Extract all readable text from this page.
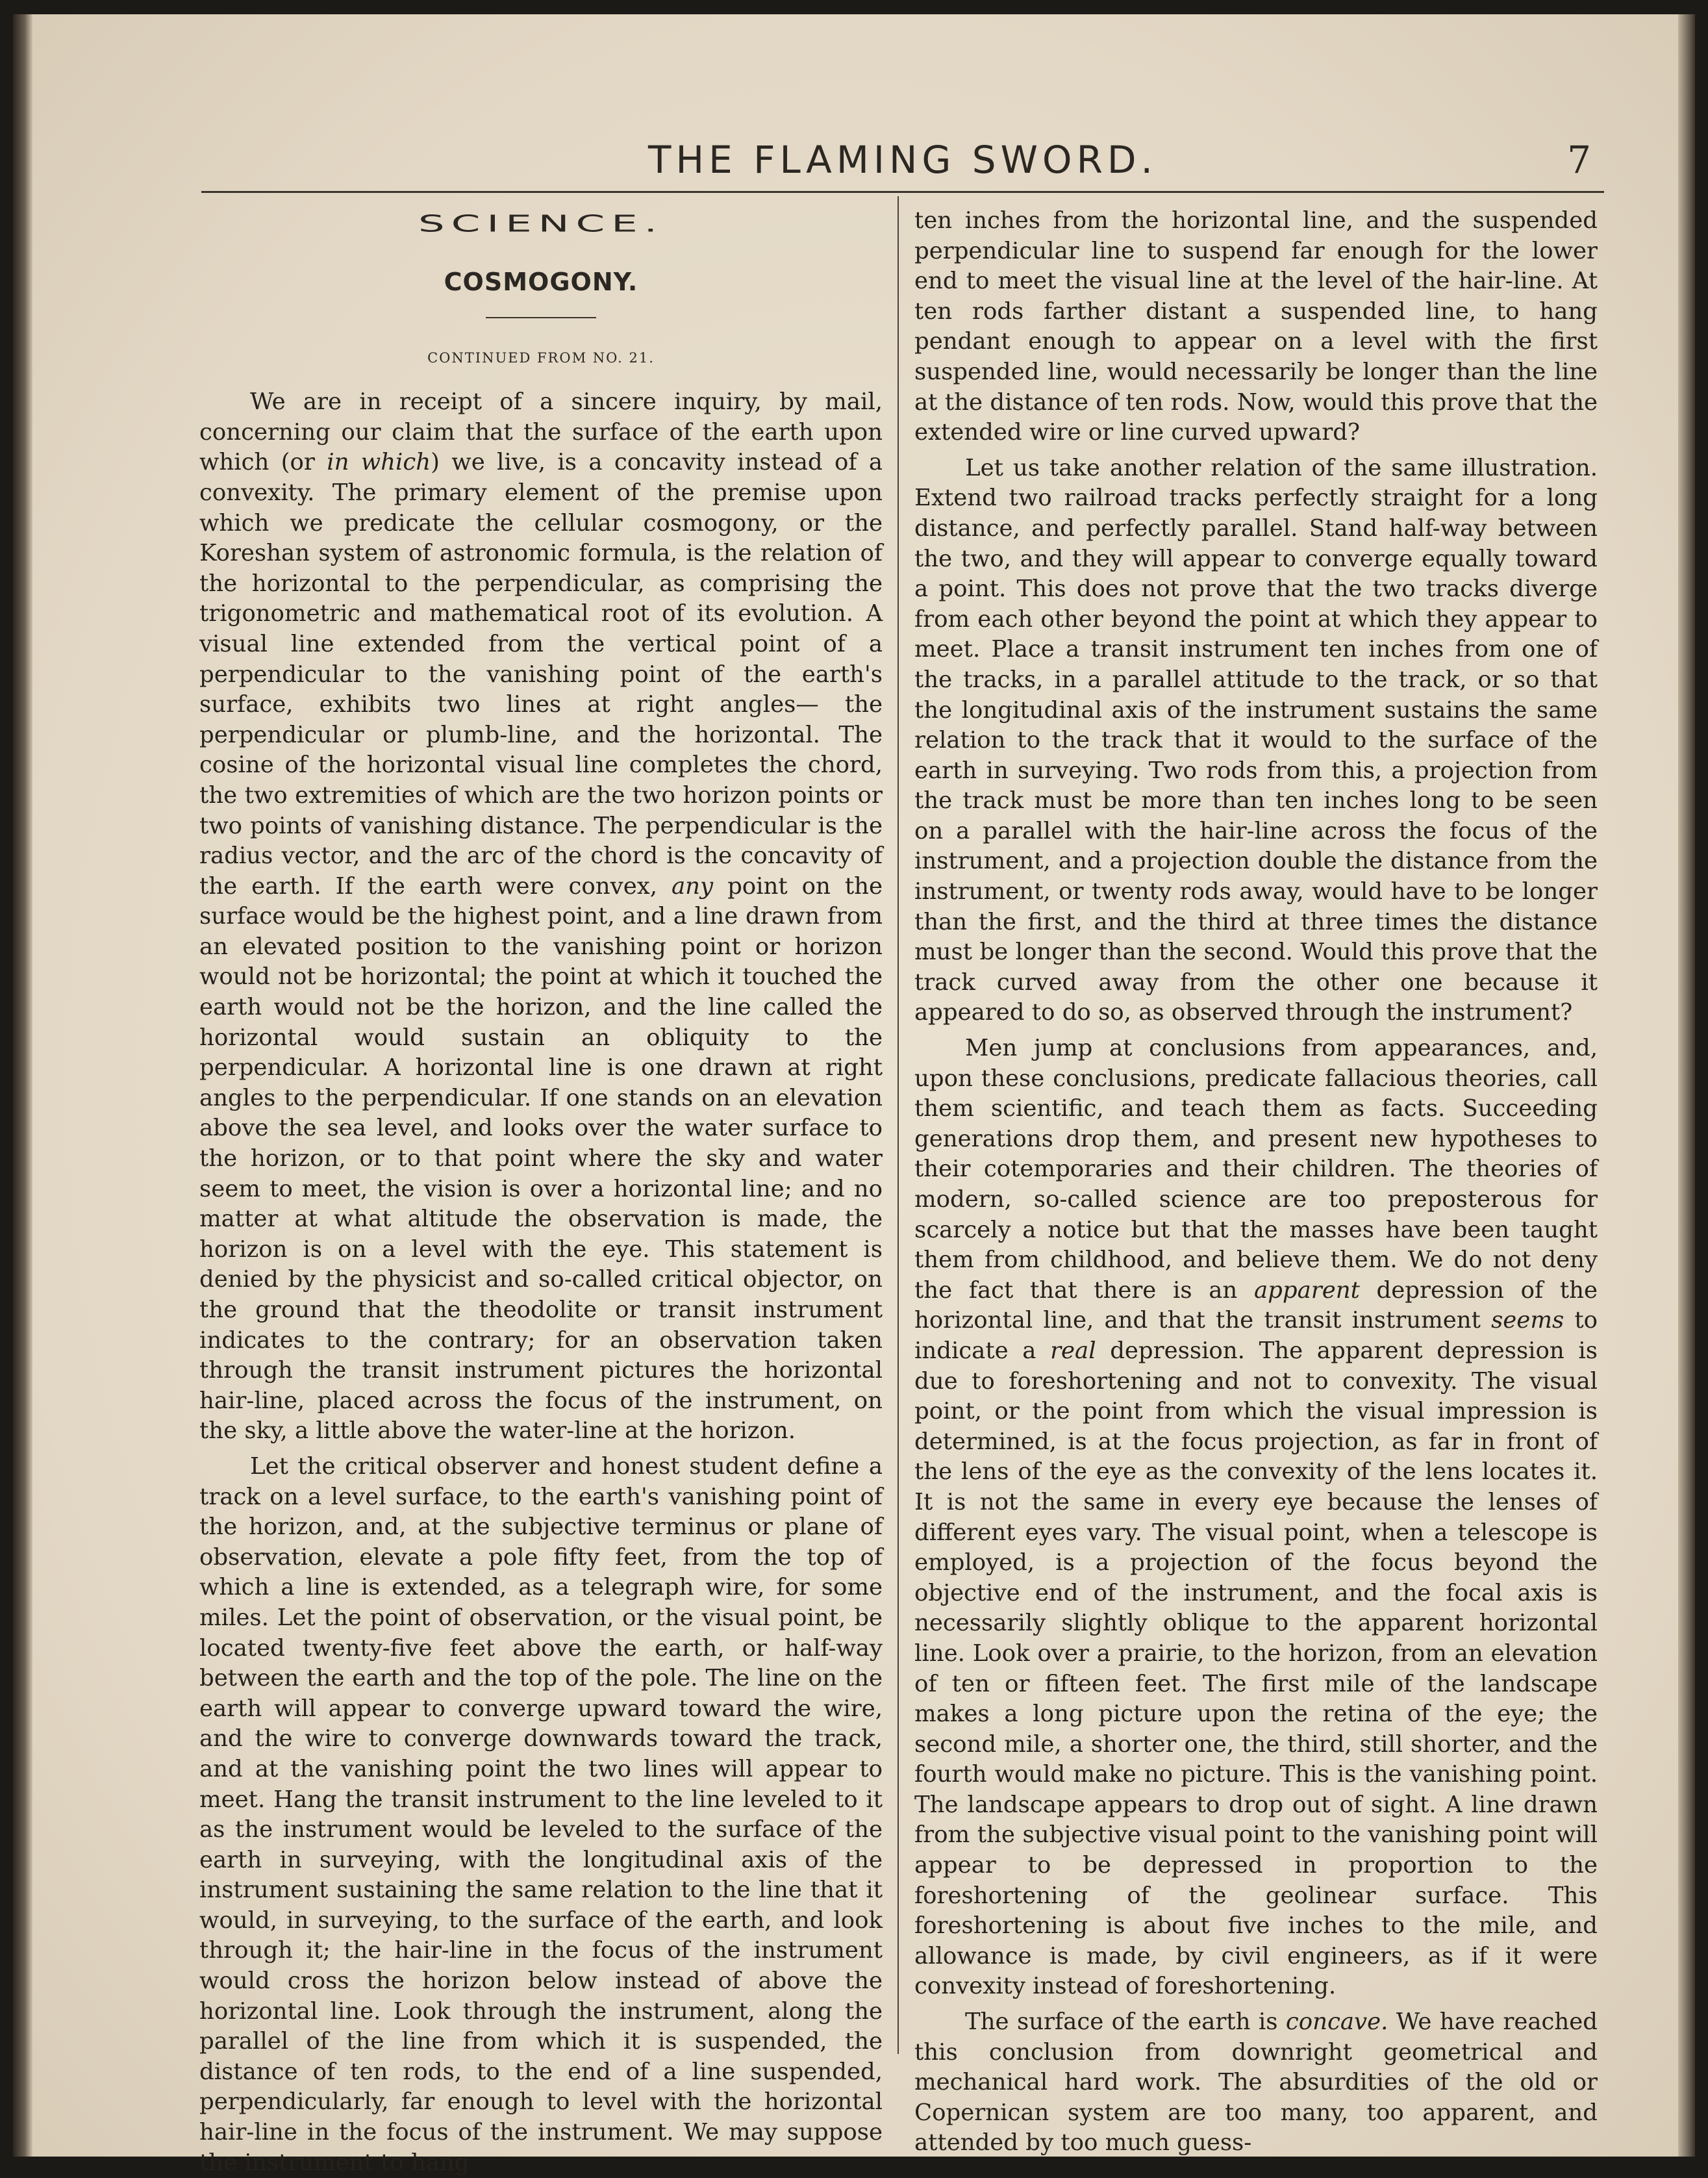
THE FLAMING SWORD.	7
SCIENCE.
COSMOGONY.
CONTINUED FROM NO. 21.

We are in receipt of a sincere inquiry, by mail, concerning our claim that the surface of the earth upon which (or in which) we live, is a concavity instead of a convexity. The primary element of the premise upon which we predicate the cellular cosmogony, or the Koreshan system of astronomic formula, is the relation of the horizontal to the perpendicular, as comprising the trigonometric and mathematical root of its evolution. A visual line extended from the vertical point of a perpendicular to the vanishing point of the earth's surface, exhibits two lines at right angles— the perpendicular or plumb-line, and the horizontal. The cosine of the horizontal visual line completes the chord, the two extremities of which are the two horizon points or two points of vanishing distance. The perpendicular is the radius vector, and the arc of the chord is the concavity of the earth. If the earth were convex, any point on the surface would be the highest point, and a line drawn from an elevated position to the vanishing point or horizon would not be horizontal; the point at which it touched the earth would not be the horizon, and the line called the horizontal would sustain an obliquity to the perpendicular. A horizontal line is one drawn at right angles to the perpendicular. If one stands on an elevation above the sea level, and looks over the water surface to the horizon, or to that point where the sky and water seem to meet, the vision is over a horizontal line; and no matter at what altitude the observation is made, the horizon is on a level with the eye. This statement is denied by the physicist and so-called critical objector, on the ground that the theodolite or transit instrument indicates to the contrary; for an observation taken through the transit instrument pictures the horizontal hair-line, placed across the focus of the instrument, on the sky, a little above the water-line at the horizon.

Let the critical observer and honest student define a track on a level surface, to the earth's vanishing point of the horizon, and, at the subjective terminus or plane of observation, elevate a pole fifty feet, from the top of which a line is extended, as a telegraph wire, for some miles. Let the point of observation, or the visual point, be located twenty-five feet above the earth, or half-way between the earth and the top of the pole. The line on the earth will appear to converge upward toward the wire, and the wire to converge downwards toward the track, and at the vanishing point the two lines will appear to meet. Hang the transit instrument to the line leveled to it as the instrument would be leveled to the surface of the earth in surveying, with the longitudinal axis of the instrument sustaining the same relation to the line that it would, in surveying, to the surface of the earth, and look through it; the hair-line in the focus of the instrument would cross the horizon below instead of above the horizontal line. Look through the instrument, along the parallel of the line from which it is suspended, the distance of ten rods, to the end of a line suspended, perpendicularly, far enough to level with the horizontal hair-line in the focus of the instrument. We may suppose the instrument to hang

ten inches from the horizontal line, and the suspended perpendicular line to suspend far enough for the lower end to meet the visual line at the level of the hair-line. At ten rods farther distant a suspended line, to hang pendant enough to appear on a level with the first suspended line, would necessarily be longer than the line at the distance of ten rods. Now, would this prove that the extended wire or line curved upward?

Let us take another relation of the same illustration. Extend two railroad tracks perfectly straight for a long distance, and perfectly parallel. Stand half-way between the two, and they will appear to converge equally toward a point. This does not prove that the two tracks diverge from each other beyond the point at which they appear to meet. Place a transit instrument ten inches from one of the tracks, in a parallel attitude to the track, or so that the longitudinal axis of the instrument sustains the same relation to the track that it would to the surface of the earth in surveying. Two rods from this, a projection from the track must be more than ten inches long to be seen on a parallel with the hair-line across the focus of the instrument, and a projection double the distance from the instrument, or twenty rods away, would have to be longer than the first, and the third at three times the distance must be longer than the second. Would this prove that the track curved away from the other one because it appeared to do so, as observed through the instrument?

Men jump at conclusions from appearances, and, upon these conclusions, predicate fallacious theories, call them scientific, and teach them as facts. Succeeding generations drop them, and present new hypotheses to their cotemporaries and their children. The theories of modern, so-called science are too preposterous for scarcely a notice but that the masses have been taught them from childhood, and believe them. We do not deny the fact that there is an apparent depression of the horizontal line, and that the transit instrument seems to indicate a real depression. The apparent depression is due to foreshortening and not to convexity. The visual point, or the point from which the visual impression is determined, is at the focus projection, as far in front of the lens of the eye as the convexity of the lens locates it. It is not the same in every eye because the lenses of different eyes vary. The visual point, when a telescope is employed, is a projection of the focus beyond the objective end of the instrument, and the focal axis is necessarily slightly oblique to the apparent horizontal line. Look over a prairie, to the horizon, from an elevation of ten or fifteen feet. The first mile of the landscape makes a long picture upon the retina of the eye; the second mile, a shorter one, the third, still shorter, and the fourth would make no picture. This is the vanishing point. The landscape appears to drop out of sight. A line drawn from the subjective visual point to the vanishing point will appear to be depressed in proportion to the foreshortening of the geolinear surface. This foreshortening is about five inches to the mile, and allowance is made, by civil engineers, as if it were convexity instead of foreshortening.

The surface of the earth is concave. We have reached this conclusion from downright geometrical and mechanical hard work. The absurdities of the old or Copernican system are too many, too apparent, and attended by too much guess-
